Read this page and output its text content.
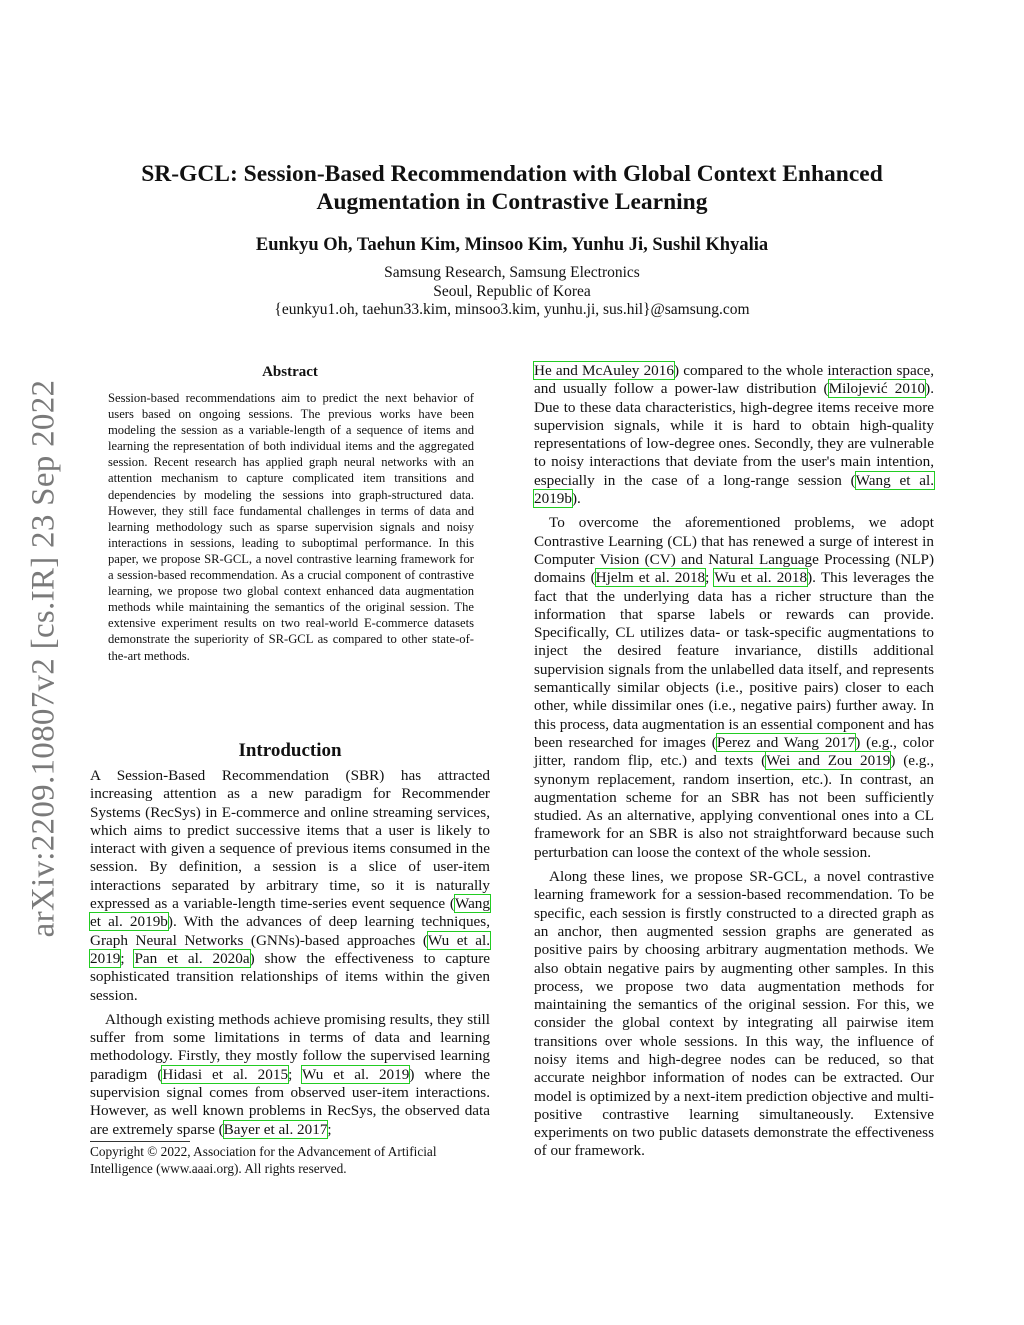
arXiv:2209.10807v2 [cs.IR] 23 Sep 2022
SR-GCL: Session-Based Recommendation with Global Context Enhanced
Augmentation in Contrastive Learning
Eunkyu Oh, Taehun Kim, Minsoo Kim, Yunhu Ji, Sushil Khyalia
Samsung Research, Samsung Electronics
Seoul, Republic of Korea
{eunkyu1.oh, taehun33.kim, minsoo3.kim, yunhu.ji, sus.hil}@samsung.com
Abstract
Session-based recommendations aim to predict the next behavior of users based on ongoing sessions. The previous works have been modeling the session as a variable-length of a sequence of items and learning the representation of both individual items and the aggregated session. Recent research has applied graph neural networks with an attention mechanism to capture complicated item transitions and dependencies by modeling the sessions into graph-structured data. However, they still face fundamental challenges in terms of data and learning methodology such as sparse supervision signals and noisy interactions in sessions, leading to suboptimal performance. In this paper, we propose SR-GCL, a novel contrastive learning framework for a session-based recommendation. As a crucial component of contrastive learning, we propose two global context enhanced data augmentation methods while maintaining the semantics of the original session. The extensive experiment results on two real-world E-commerce datasets demonstrate the superiority of SR-GCL as compared to other state-of-the-art methods.
Introduction

A Session-Based Recommendation (SBR) has attracted increasing attention as a new paradigm for Recommender Systems (RecSys) in E-commerce and online streaming services, which aims to predict successive items that a user is likely to interact with given a sequence of previous items consumed in the session. By definition, a session is a slice of user-item interactions separated by arbitrary time, so it is naturally expressed as a variable-length time-series event sequence (Wang et al. 2019b). With the advances of deep learning techniques, Graph Neural Networks (GNNs)-based approaches (Wu et al. 2019; Pan et al. 2020a) show the effectiveness to capture sophisticated transition relationships of items within the given session.

Although existing methods achieve promising results, they still suffer from some limitations in terms of data and learning methodology. Firstly, they mostly follow the supervised learning paradigm (Hidasi et al. 2015; Wu et al. 2019) where the supervision signal comes from observed user-item interactions. However, as well known problems in RecSys, the observed data are extremely sparse (Bayer et al. 2017;

Copyright © 2022, Association for the Advancement of Artificial Intelligence (www.aaai.org). All rights reserved.

He and McAuley 2016) compared to the whole interaction space, and usually follow a power-law distribution (Milojević 2010). Due to these data characteristics, high-degree items receive more supervision signals, while it is hard to obtain high-quality representations of low-degree ones. Secondly, they are vulnerable to noisy interactions that deviate from the user's main intention, especially in the case of a long-range session (Wang et al. 2019b).

To overcome the aforementioned problems, we adopt Contrastive Learning (CL) that has renewed a surge of interest in Computer Vision (CV) and Natural Language Processing (NLP) domains (Hjelm et al. 2018; Wu et al. 2018). This leverages the fact that the underlying data has a richer structure than the information that sparse labels or rewards can provide. Specifically, CL utilizes data- or task-specific augmentations to inject the desired feature invariance, distills additional supervision signals from the unlabelled data itself, and represents semantically similar objects (i.e., positive pairs) closer to each other, while dissimilar ones (i.e., negative pairs) further away. In this process, data augmentation is an essential component and has been researched for images (Perez and Wang 2017) (e.g., color jitter, random flip, etc.) and texts (Wei and Zou 2019) (e.g., synonym replacement, random insertion, etc.). In contrast, an augmentation scheme for an SBR has not been sufficiently studied. As an alternative, applying conventional ones into a CL framework for an SBR is also not straightforward because such perturbation can loose the context of the whole session.

Along these lines, we propose SR-GCL, a novel contrastive learning framework for a session-based recommendation. To be specific, each session is firstly constructed to a directed graph as an anchor, then augmented session graphs are generated as positive pairs by choosing arbitrary augmentation methods. We also obtain negative pairs by augmenting other samples. In this process, we propose two data augmentation methods for maintaining the semantics of the original session. For this, we consider the global context by integrating all pairwise item transitions over whole sessions. In this way, the influence of noisy items and high-degree nodes can be reduced, so that accurate neighbor information of nodes can be extracted. Our model is optimized by a next-item prediction objective and multi-positive contrastive learning simultaneously. Extensive experiments on two public datasets demonstrate the effectiveness of our framework.
